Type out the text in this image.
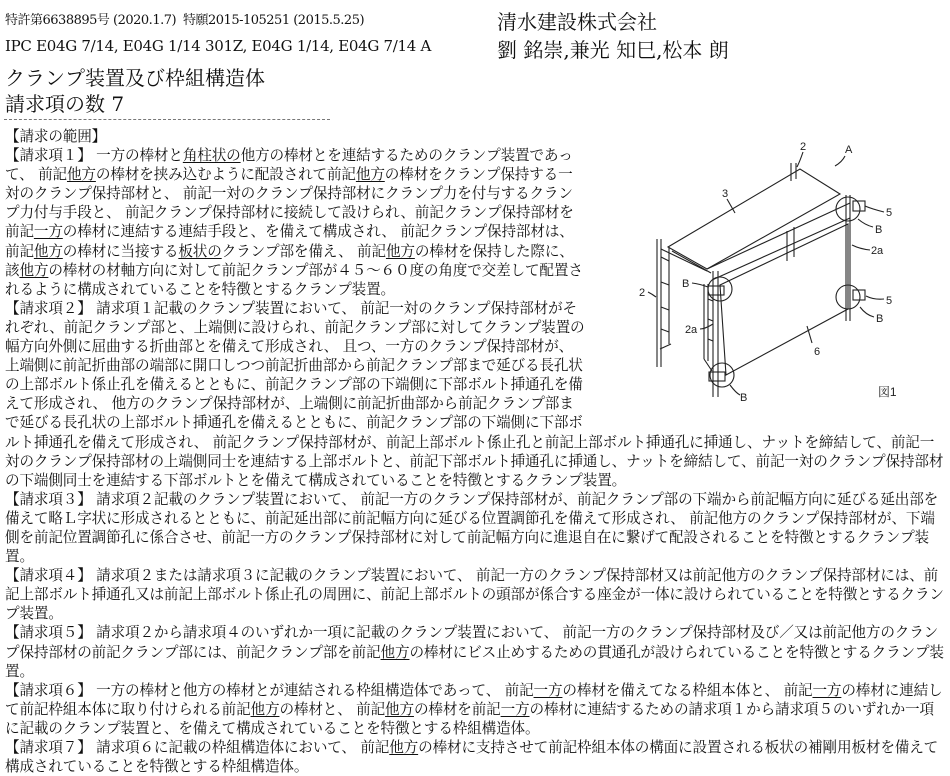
特許第6638895号 (2020.1.7) 特願2015-105251 (2015.5.25)	清水建設株式会社
IPC E04G 7/14, E04G 1/14 301Z, E04G 1/14, E04G 7/14 A	劉 銘崇,兼光 知巳,松本 朗
クランプ装置及び枠組構造体
請求項の数 7
2	A
3
5
B
2a
B
2
2a
6
5
B
B	図1
【請求の範囲】
【請求項１】 一方の棒材と角柱状の他方の棒材とを連結するためのクランプ装置であって、 前記他方の棒材を挟み込むように配設されて前記他方の棒材をクランプ保持する一対のクランプ保持部材と、 前記一対のクランプ保持部材にクランプ力を付与するクランプ力付与手段と、 前記クランプ保持部材に接続して設けられ、前記クランプ保持部材を前記一方の棒材に連結する連結手段と、を備えて構成され、 前記クランプ保持部材は、前記他方の棒材に当接する板状のクランプ部を備え、 前記他方の棒材を保持した際に、該他方の棒材の材軸方向に対して前記クランプ部が４５～６０度の角度で交差して配置されるように構成されていることを特徴とするクランプ装置。
【請求項２】 請求項１記載のクランプ装置において、 前記一対のクランプ保持部材がそれぞれ、前記クランプ部と、上端側に設けられ、前記クランプ部に対してクランプ装置の幅方向外側に屈曲する折曲部とを備えて形成され、 且つ、一方のクランプ保持部材が、上端側に前記折曲部の端部に開口しつつ前記折曲部から前記クランプ部まで延びる長孔状の上部ボルト係止孔を備えるとともに、前記クランプ部の下端側に下部ボルト挿通孔を備えて形成され、 他方のクランプ保持部材が、上端側に前記折曲部から前記クランプ部まで延びる長孔状の上部ボルト挿通孔を備えるとともに、前記クランプ部の下端側に下部ボルト挿通孔を備えて形成され、 前記クランプ保持部材が、前記上部ボルト係止孔と前記上部ボルト挿通孔に挿通し、ナットを締結して、前記一対のクランプ保持部材の上端側同士を連結する上部ボルトと、前記下部ボルト挿通孔に挿通し、ナットを締結して、前記一対のクランプ保持部材の下端側同士を連結する下部ボルトとを備えて構成されていることを特徴とするクランプ装置。
【請求項３】 請求項２記載のクランプ装置において、 前記一方のクランプ保持部材が、前記クランプ部の下端から前記幅方向に延びる延出部を備えて略Ｌ字状に形成されるとともに、前記延出部に前記幅方向に延びる位置調節孔を備えて形成され、 前記他方のクランプ保持部材が、下端側を前記位置調節孔に係合させ、前記一方のクランプ保持部材に対して前記幅方向に進退自在に繋げて配設されることを特徴とするクランプ装置。
【請求項４】 請求項２または請求項３に記載のクランプ装置において、 前記一方のクランプ保持部材又は前記他方のクランプ保持部材には、前記上部ボルト挿通孔又は前記上部ボルト係止孔の周囲に、前記上部ボルトの頭部が係合する座金が一体に設けられていることを特徴とするクランプ装置。
【請求項５】 請求項２から請求項４のいずれか一項に記載のクランプ装置において、 前記一方のクランプ保持部材及び／又は前記他方のクランプ保持部材の前記クランプ部には、前記クランプ部を前記他方の棒材にビス止めするための貫通孔が設けられていることを特徴とするクランプ装置。
【請求項６】 一方の棒材と他方の棒材とが連結される枠組構造体であって、 前記一方の棒材を備えてなる枠組本体と、 前記一方の棒材に連結して前記枠組本体に取り付けられる前記他方の棒材と、 前記他方の棒材を前記一方の棒材に連結するための請求項１から請求項５のいずれか一項に記載のクランプ装置と、を備えて構成されていることを特徴とする枠組構造体。
【請求項７】 請求項６に記載の枠組構造体において、 前記他方の棒材に支持させて前記枠組本体の構面に設置される板状の補剛用板材を備えて構成されていることを特徴とする枠組構造体。
